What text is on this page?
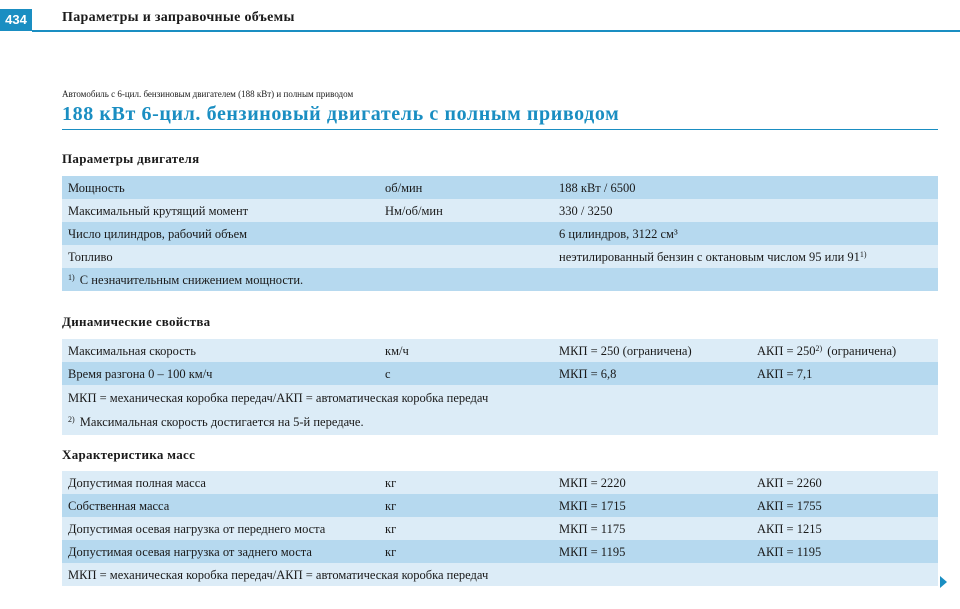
434	Параметры и заправочные объемы
Автомобиль с 6-цил. бензиновым двигателем (188 кВт) и полным приводом
188 кВт 6-цил. бензиновый двигатель с полным приводом
Параметры двигателя
Мощность	об/мин	188 кВт / 6500
Максимальный крутящий момент	Нм/об/мин	330 / 3250
Число цилиндров, рабочий объем		6 цилиндров, 3122 см³
Топливо		неэтилированный бензин с октановым числом 95 или 91$^{1)}$
$^{1)}$ С незначительным снижением мощности.		
Динамические свойства
Максимальная скорость	км/ч	МКП = 250 (ограничена)	АКП = $250^{2)}$ (ограничена)
Время разгона 0 – 100 км/ч	с	МКП = 6,8	АКП = 7,1

МКП = механическая коробка передач/АКП = автоматическая коробка передач
$^{2)}$ Максимальная скорость достигается на 5-й передаче.			
Характеристика масс
Допустимая полная масса	кг	МКП = 2220	АКП = 2260
Собственная масса	кг	МКП = 1715	АКП = 1755
Допустимая осевая нагрузка от переднего моста	кг	МКП = 1175	АКП = 1215
Допустимая осевая нагрузка от заднего моста	кг	МКП = 1195	АКП = 1195
МКП = механическая коробка передач/АКП = автоматическая коробка передач			
